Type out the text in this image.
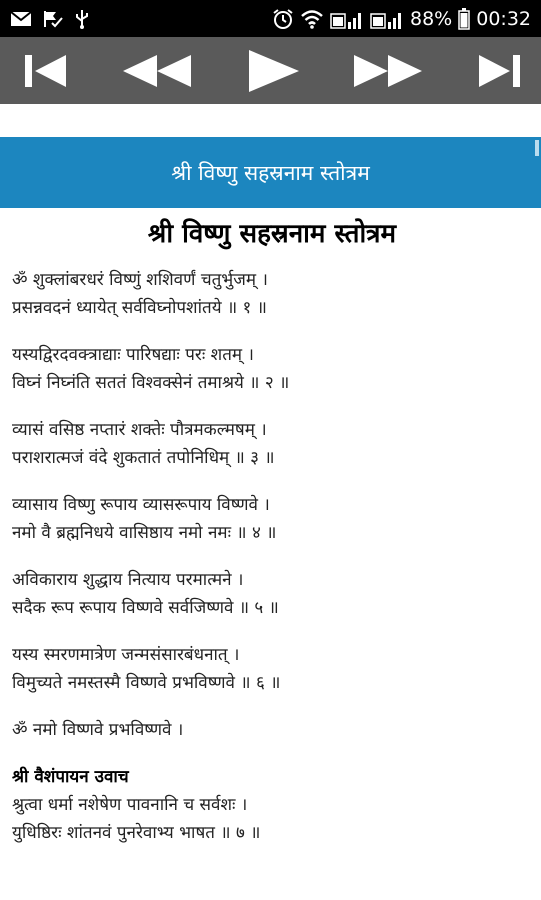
88% 00:32
श्री विष्णु सहस्रनाम स्तोत्रम
श्री विष्णु सहस्रनाम स्तोत्रम
ॐ शुक्लांबरधरं विष्णुं शशिवर्णं चतुर्भुजम् ।
प्रसन्नवदनं ध्यायेत् सर्वविघ्नोपशांतये ॥ १ ॥
यस्यद्विरदवक्त्राद्याः पारिषद्याः परः शतम् ।
विघ्नं निघ्नंति सततं विश्वक्सेनं तमाश्रये ॥ २ ॥
व्यासं वसिष्ठ नप्तारं शक्तेः पौत्रमकल्मषम् ।
पराशरात्मजं वंदे शुकतातं तपोनिधिम् ॥ ३ ॥
व्यासाय विष्णु रूपाय व्यासरूपाय विष्णवे ।
नमो वै ब्रह्मनिधये वासिष्ठाय नमो नमः ॥ ४ ॥
अविकाराय शुद्धाय नित्याय परमात्मने ।
सदैक रूप रूपाय विष्णवे सर्वजिष्णवे ॥ ५ ॥
यस्य स्मरणमात्रेण जन्मसंसारबंधनात् ।
विमुच्यते नमस्तस्मै विष्णवे प्रभविष्णवे ॥ ६ ॥
ॐ नमो विष्णवे प्रभविष्णवे ।
श्री वैशंपायन उवाच
श्रुत्वा धर्मा नशेषेण पावनानि च सर्वशः ।
युधिष्ठिरः शांतनवं पुनरेवाभ्य भाषत ॥ ७ ॥
